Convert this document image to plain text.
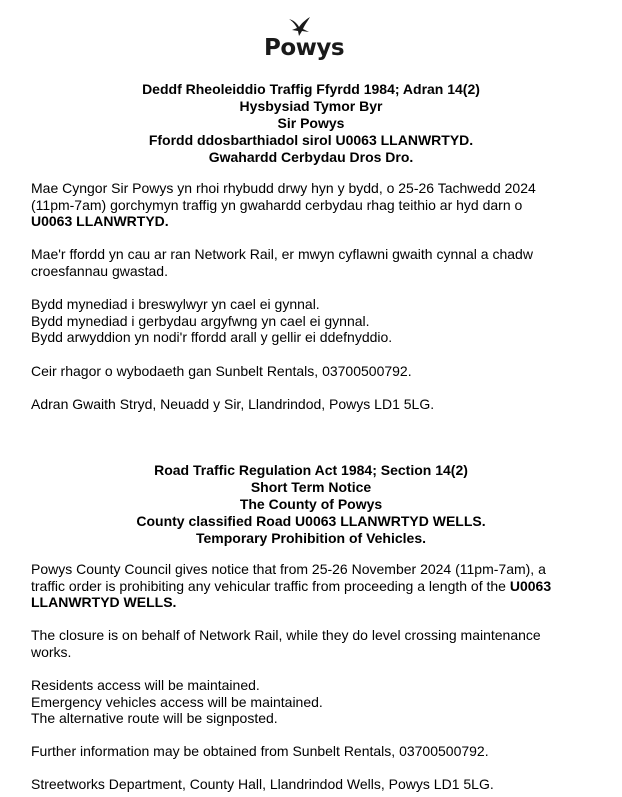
Powys
Deddf Rheoleiddio Traffig Ffyrdd 1984; Adran 14(2)
Hysbysiad Tymor Byr
Sir Powys
Ffordd ddosbarthiadol sirol U0063 LLANWRTYD.
Gwahardd Cerbydau Dros Dro.
Mae Cyngor Sir Powys yn rhoi rhybudd drwy hyn y bydd, o 25-26 Tachwedd 2024
(11pm-7am) gorchymyn traffig yn gwahardd cerbydau rhag teithio ar hyd darn o
U0063 LLANWRTYD.
Mae'r ffordd yn cau ar ran Network Rail, er mwyn cyflawni gwaith cynnal a chadw
croesfannau gwastad.
Bydd mynediad i breswylwyr yn cael ei gynnal.
Bydd mynediad i gerbydau argyfwng yn cael ei gynnal.
Bydd arwyddion yn nodi'r ffordd arall y gellir ei ddefnyddio.
Ceir rhagor o wybodaeth gan Sunbelt Rentals, 03700500792.
Adran Gwaith Stryd, Neuadd y Sir, Llandrindod, Powys LD1 5LG.
Road Traffic Regulation Act 1984; Section 14(2)
Short Term Notice
The County of Powys
County classified Road U0063 LLANWRTYD WELLS.
Temporary Prohibition of Vehicles.
Powys County Council gives notice that from 25-26 November 2024 (11pm-7am), a
traffic order is prohibiting any vehicular traffic from proceeding a length of the U0063
LLANWRTYD WELLS.
The closure is on behalf of Network Rail, while they do level crossing maintenance
works.
Residents access will be maintained.
Emergency vehicles access will be maintained.
The alternative route will be signposted.
Further information may be obtained from Sunbelt Rentals, 03700500792.
Streetworks Department, County Hall, Llandrindod Wells, Powys LD1 5LG.
